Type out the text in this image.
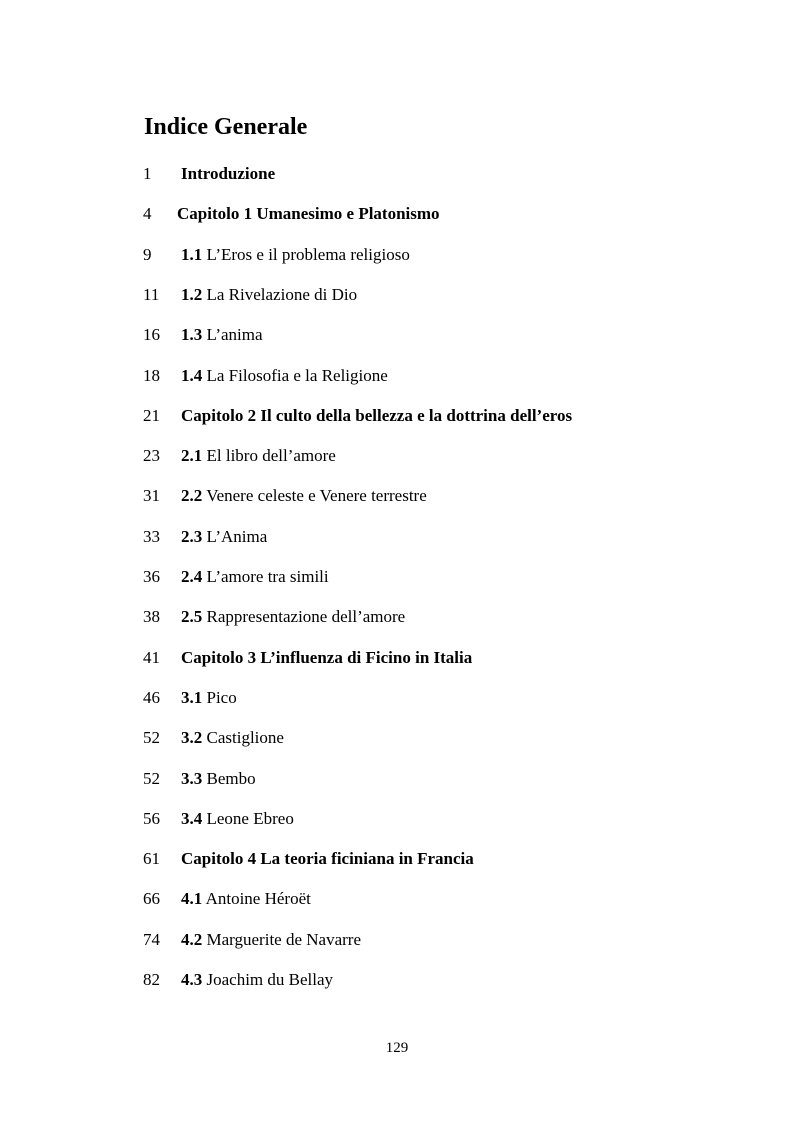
Indice Generale
1 Introduzione
4 Capitolo 1 Umanesimo e Platonismo
9 1.1 L’Eros e il problema religioso
11 1.2 La Rivelazione di Dio
16 1.3 L’anima
18 1.4 La Filosofia e la Religione
21 Capitolo 2 Il culto della bellezza e la dottrina dell’eros
23 2.1 El libro dell’amore
31 2.2 Venere celeste e Venere terrestre
33 2.3 L’Anima
36 2.4 L’amore tra simili
38 2.5 Rappresentazione dell’amore
41 Capitolo 3 L’influenza di Ficino in Italia
46 3.1 Pico
52 3.2 Castiglione
52 3.3 Bembo
56 3.4 Leone Ebreo
61 Capitolo 4 La teoria ficiniana in Francia
66 4.1 Antoine Héroët
74 4.2 Marguerite de Navarre
82 4.3 Joachim du Bellay
129
